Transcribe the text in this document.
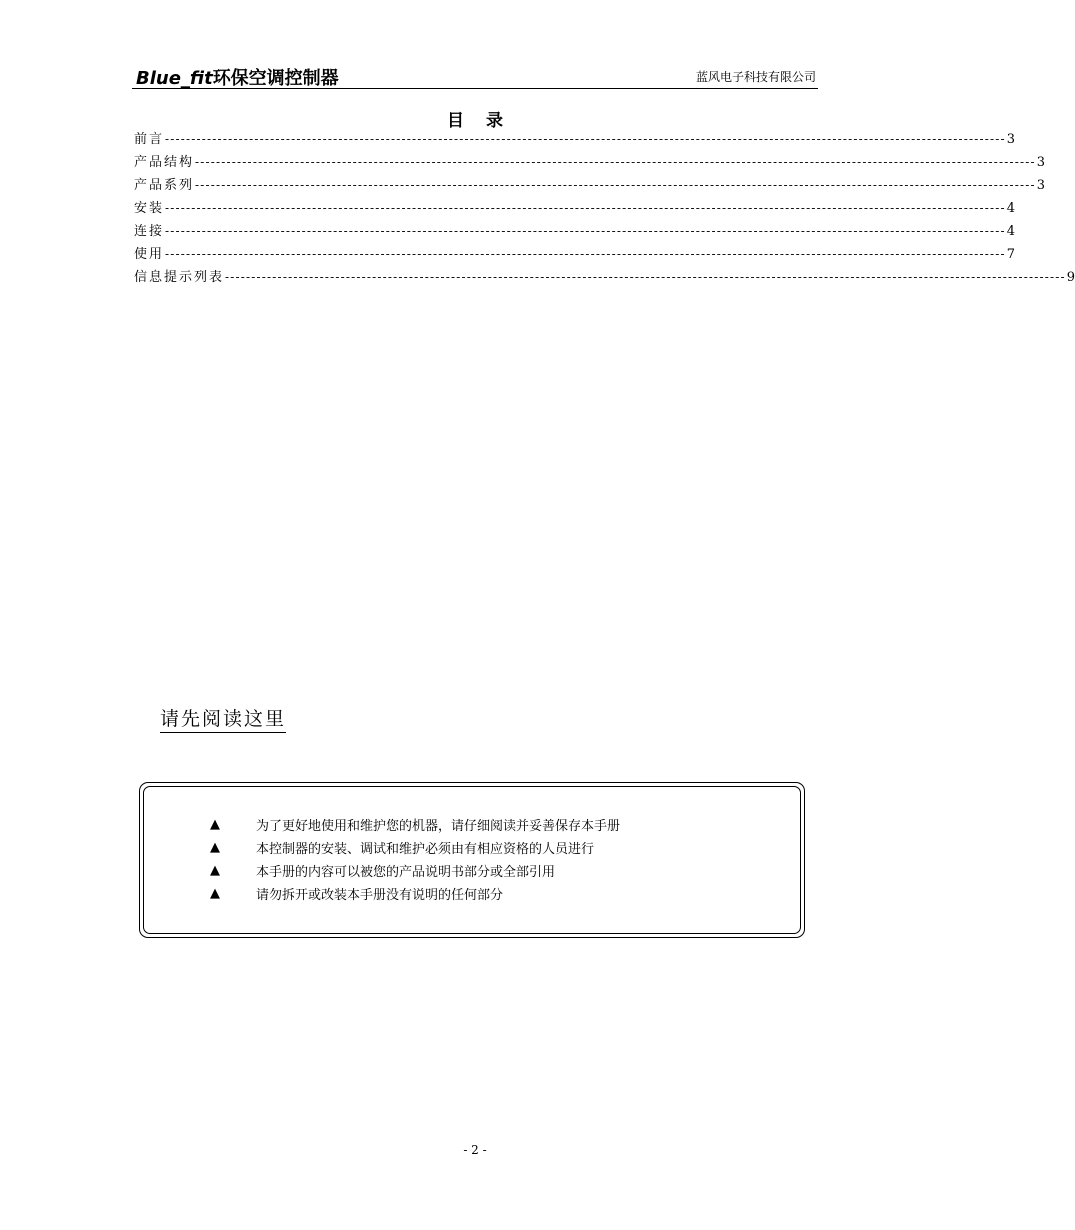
Blue_fit环保空调控制器	蓝风电子科技有限公司
目录
前言 ---------------------------------------------------------------------------------------------------------------------------------------------------------------- 3
产品结构 ---------------------------------------------------------------------------------------------------------------------------------------------------------------- 3
产品系列 ---------------------------------------------------------------------------------------------------------------------------------------------------------------- 3
安装 ---------------------------------------------------------------------------------------------------------------------------------------------------------------- 4
连接 ---------------------------------------------------------------------------------------------------------------------------------------------------------------- 4
使用 ---------------------------------------------------------------------------------------------------------------------------------------------------------------- 7
信息提示列表 ---------------------------------------------------------------------------------------------------------------------------------------------------------------- 9
请先阅读这里
▲	为了更好地使用和维护您的机器，请仔细阅读并妥善保存本手册
▲	本控制器的安装、调试和维护必须由有相应资格的人员进行
▲	本手册的内容可以被您的产品说明书部分或全部引用
▲	请勿拆开或改装本手册没有说明的任何部分
- 2 -
